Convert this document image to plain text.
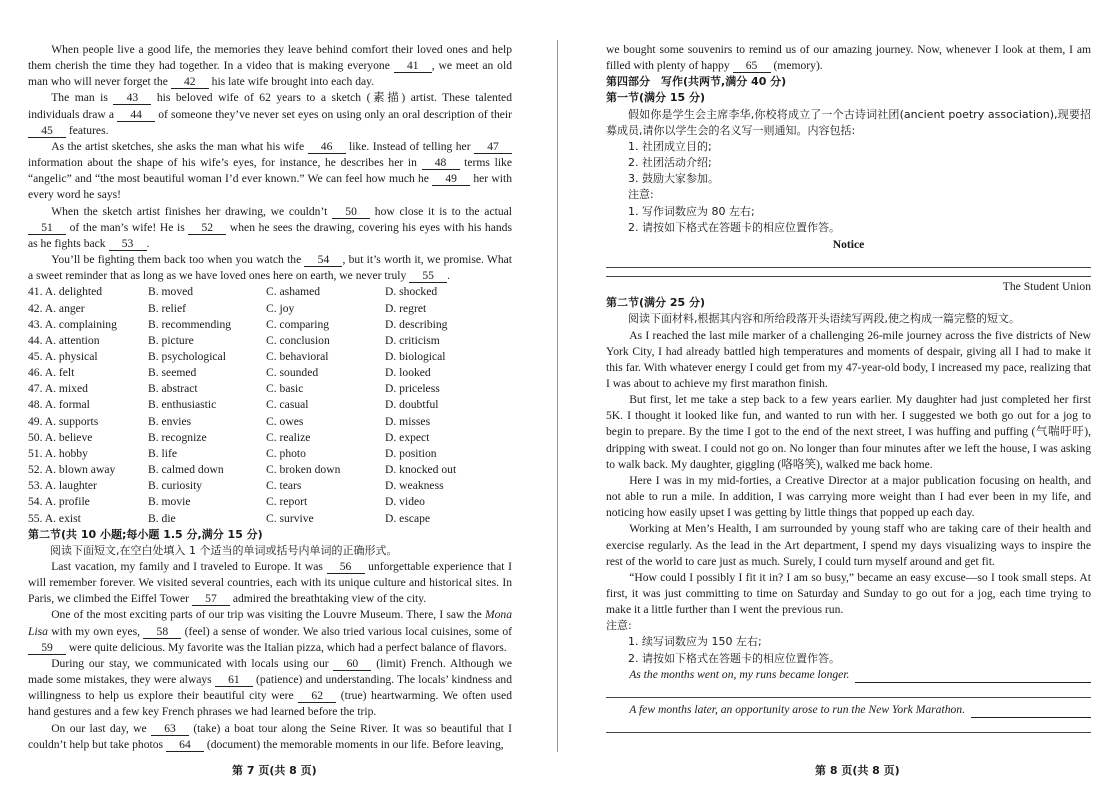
When people live a good life, the memories they leave behind comfort their loved ones and help them cherish the time they had together. In a video that is making everyone 41 , we meet an old man who will never forget the 42 his late wife brought into each day.

The man is 43 his beloved wife of 62 years to a sketch (素描) artist. These talented individuals draw a 44 of someone they’ve never set eyes on using only an oral description of their 45 features.

As the artist sketches, she asks the man what his wife 46 like. Instead of telling her 47 information about the shape of his wife’s eyes, for instance, he describes her in 48 terms like “angelic” and “the most beautiful woman I’d ever known.” We can feel how much he 49 her with every word he says!

When the sketch artist finishes her drawing, we couldn’t 50 how close it is to the actual 51 of the man’s wife! He is 52 when he sees the drawing, covering his eyes with his hands as he fights back 53 .

You’ll be fighting them back too when you watch the 54 , but it’s worth it, we promise. What a sweet reminder that as long as we have loved ones here on earth, we never truly 55 .

41. A. delighted	B. moved	C. ashamed	D. shocked
42. A. anger	B. relief	C. joy	D. regret
43. A. complaining	B. recommending	C. comparing	D. describing
44. A. attention	B. picture	C. conclusion	D. criticism
45. A. physical	B. psychological	C. behavioral	D. biological
46. A. felt	B. seemed	C. sounded	D. looked
47. A. mixed	B. abstract	C. basic	D. priceless
48. A. formal	B. enthusiastic	C. casual	D. doubtful
49. A. supports	B. envies	C. owes	D. misses
50. A. believe	B. recognize	C. realize	D. expect
51. A. hobby	B. life	C. photo	D. position
52. A. blown away	B. calmed down	C. broken down	D. knocked out
53. A. laughter	B. curiosity	C. tears	D. weakness
54. A. profile	B. movie	C. report	D. video
55. A. exist	B. die	C. survive	D. escape

第二节(共 10 小题;每小题 1.5 分,满分 15 分)

阅读下面短文,在空白处填入 1 个适当的单词或括号内单词的正确形式。

Last vacation, my family and I traveled to Europe. It was 56 unforgettable experience that I will remember forever. We visited several countries, each with its unique culture and historical sites. In Paris, we climbed the Eiffel Tower 57 admired the breathtaking view of the city.

One of the most exciting parts of our trip was visiting the Louvre Museum. There, I saw the Mona Lisa with my own eyes, 58 (feel) a sense of wonder. We also tried various local cuisines, some of 59 were quite delicious. My favorite was the Italian pizza, which had a perfect balance of flavors.

During our stay, we communicated with locals using our 60 (limit) French. Although we made some mistakes, they were always 61 (patience) and understanding. The locals’ kindness and willingness to help us explore their beautiful city were 62 (true) heartwarming. We often used hand gestures and a few key French phrases we had learned before the trip.

On our last day, we 63 (take) a boat tour along the Seine River. It was so beautiful that I couldn’t help but take photos 64 (document) the memorable moments in our life. Before leaving,

we bought some souvenirs to remind us of our amazing journey. Now, whenever I look at them, I am filled with plenty of happy 65 (memory).

第四部分　写作(共两节,满分 40 分)

第一节(满分 15 分)

假如你是学生会主席李华,你校将成立了一个古诗词社团(ancient poetry association),现要招募成员,请你以学生会的名义写一则通知。内容包括:

1. 社团成立目的;
2. 社团活动介绍;
3. 鼓励大家参加。
注意:
1. 写作词数应为 80 左右;
2. 请按如下格式在答题卡的相应位置作答。
Notice
The Student Union

第二节(满分 25 分)

阅读下面材料,根据其内容和所给段落开头语续写两段,使之构成一篇完整的短文。

As I reached the last mile marker of a challenging 26-mile journey across the five districts of New York City, I had already battled high temperatures and moments of despair, giving all I had to make it this far. With whatever energy I could get from my 47-year-old body, I increased my pace, realizing that I was about to achieve my first marathon finish.

But first, let me take a step back to a few years earlier. My daughter had just completed her first 5K. I thought it looked like fun, and wanted to run with her. I suggested we both go out for a jog to begin to prepare. By the time I got to the end of the next street, I was huffing and puffing (气喘吁吁), dripping with sweat. I could not go on. No longer than four minutes after we left the house, I was asking to walk back. My daughter, giggling (咯咯笑), walked me back home.

Here I was in my mid-forties, a Creative Director at a major publication focusing on health, and not able to run a mile. In addition, I was carrying more weight than I had ever been in my life, and noticing how easily upset I was getting by little things that popped up each day.

Working at Men’s Health, I am surrounded by young staff who are taking care of their health and exercise regularly. As the lead in the Art department, I spend my days visualizing ways to inspire the rest of the world to care just as much. Surely, I could turn myself around and get fit.

“How could I possibly I fit it in? I am so busy,” became an easy excuse—so I took small steps. At first, it was just committing to time on Saturday and Sunday to go out for a jog, each time trying to make it a little further than I went the previous run.

注意:
1. 续写词数应为 150 左右;
2. 请按如下格式在答题卡的相应位置作答。
As the months went on, my runs became longer.
A few months later, an opportunity arose to run the New York Marathon.
第 7 页(共 8 页)	第 8 页(共 8 页)
